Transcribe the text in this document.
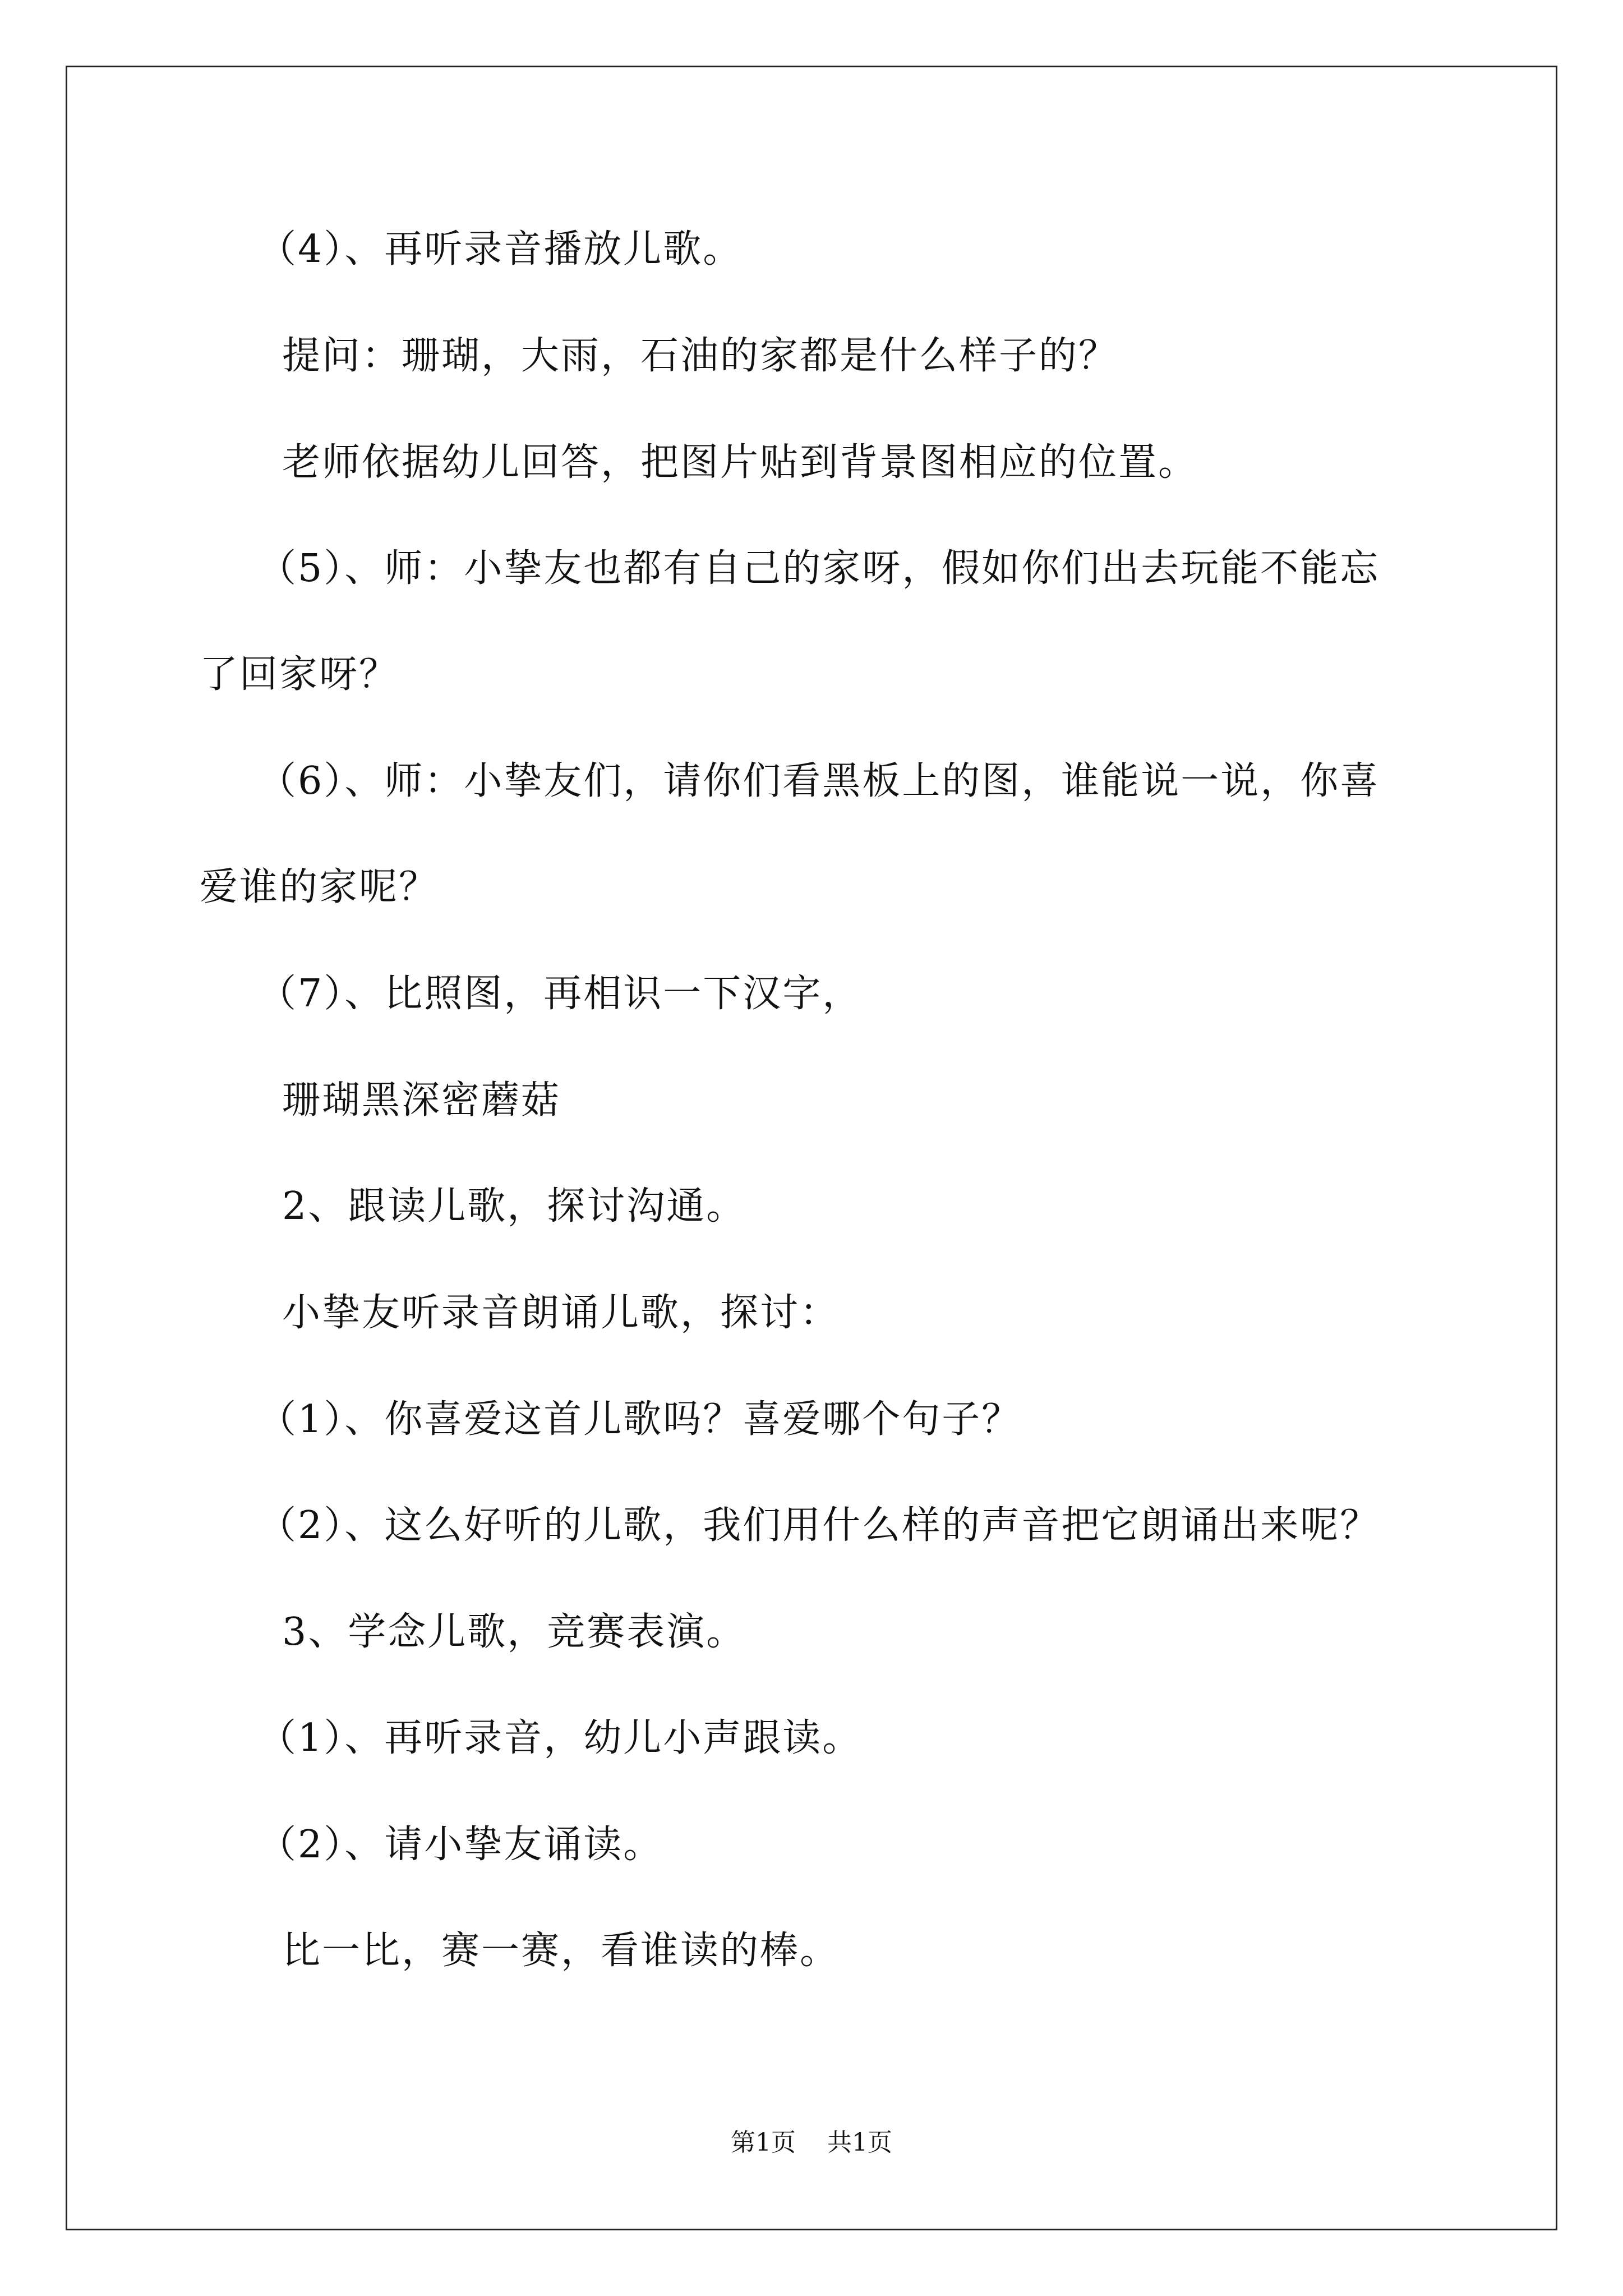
（4）、再听录音播放儿歌。
提问：珊瑚，大雨，石油的家都是什么样子的？
老师依据幼儿回答，把图片贴到背景图相应的位置。
（5）、师：小挚友也都有自己的家呀，假如你们出去玩能不能忘
了回家呀？
（6）、师：小挚友们，请你们看黑板上的图，谁能说一说，你喜
爱谁的家呢？
（7）、比照图，再相识一下汉字，
珊瑚黑深密蘑菇
2、跟读儿歌，探讨沟通。
小挚友听录音朗诵儿歌，探讨：
（1）、你喜爱这首儿歌吗？喜爱哪个句子？
（2）、这么好听的儿歌，我们用什么样的声音把它朗诵出来呢？
3、学念儿歌，竞赛表演。
（1）、再听录音，幼儿小声跟读。
（2）、请小挚友诵读。
比一比，赛一赛，看谁读的棒。
第1页 共1页
